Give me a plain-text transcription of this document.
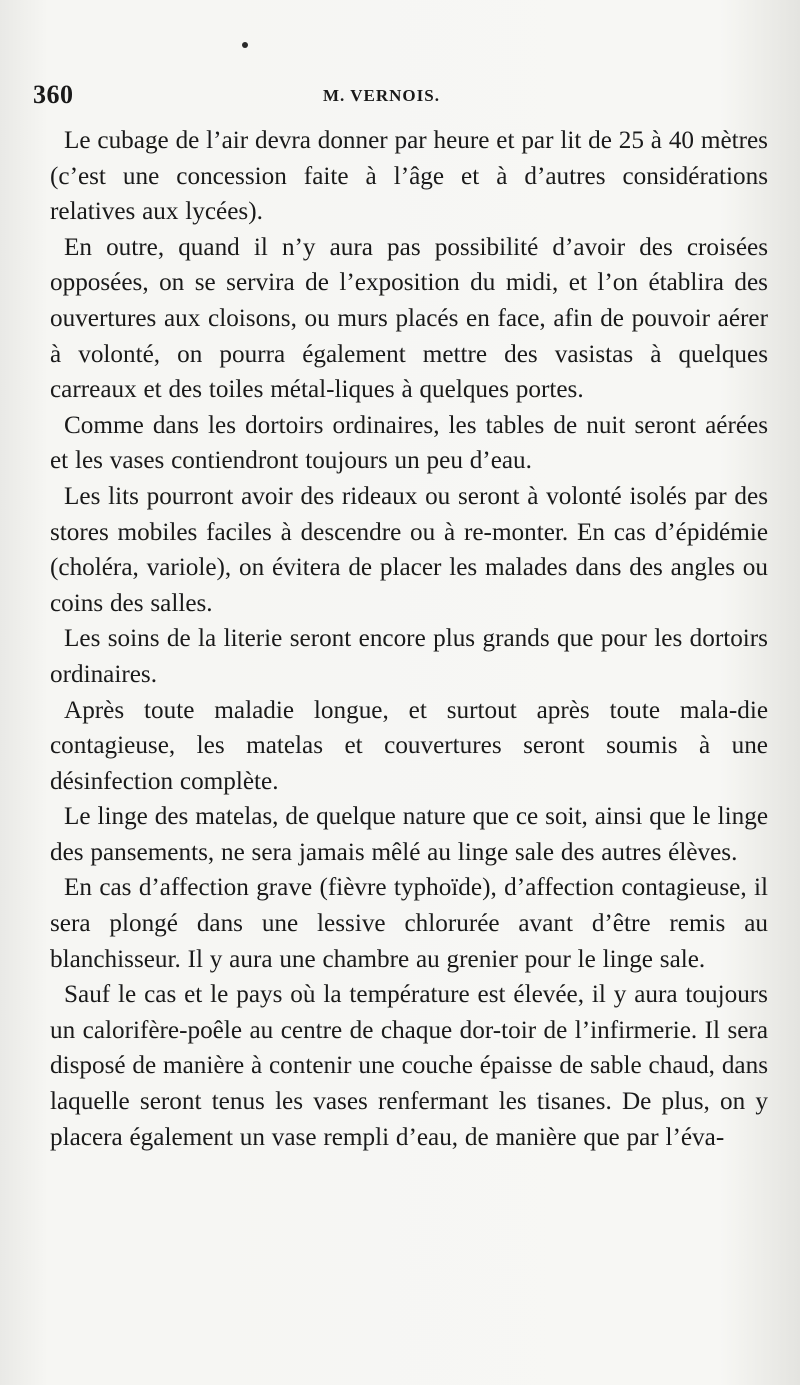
360	M. VERNOIS.

Le cubage de l’air devra donner par heure et par lit de 25 à 40 mètres (c’est une concession faite à l’âge et à d’autres considérations relatives aux lycées).

En outre, quand il n’y aura pas possibilité d’avoir des croisées opposées, on se servira de l’exposition du midi, et l’on établira des ouvertures aux cloisons, ou murs placés en face, afin de pouvoir aérer à volonté, on pourra également mettre des vasistas à quelques carreaux et des toiles métal-liques à quelques portes.

Comme dans les dortoirs ordinaires, les tables de nuit seront aérées et les vases contiendront toujours un peu d’eau.

Les lits pourront avoir des rideaux ou seront à volonté isolés par des stores mobiles faciles à descendre ou à re-monter. En cas d’épidémie (choléra, variole), on évitera de placer les malades dans des angles ou coins des salles.

Les soins de la literie seront encore plus grands que pour les dortoirs ordinaires.

Après toute maladie longue, et surtout après toute mala-die contagieuse, les matelas et couvertures seront soumis à une désinfection complète.

Le linge des matelas, de quelque nature que ce soit, ainsi que le linge des pansements, ne sera jamais mêlé au linge sale des autres élèves.

En cas d’affection grave (fièvre typhoïde), d’affection contagieuse, il sera plongé dans une lessive chlorurée avant d’être remis au blanchisseur. Il y aura une chambre au grenier pour le linge sale.

Sauf le cas et le pays où la température est élevée, il y aura toujours un calorifère-poêle au centre de chaque dor-toir de l’infirmerie. Il sera disposé de manière à contenir une couche épaisse de sable chaud, dans laquelle seront tenus les vases renfermant les tisanes. De plus, on y placera également un vase rempli d’eau, de manière que par l’éva-
